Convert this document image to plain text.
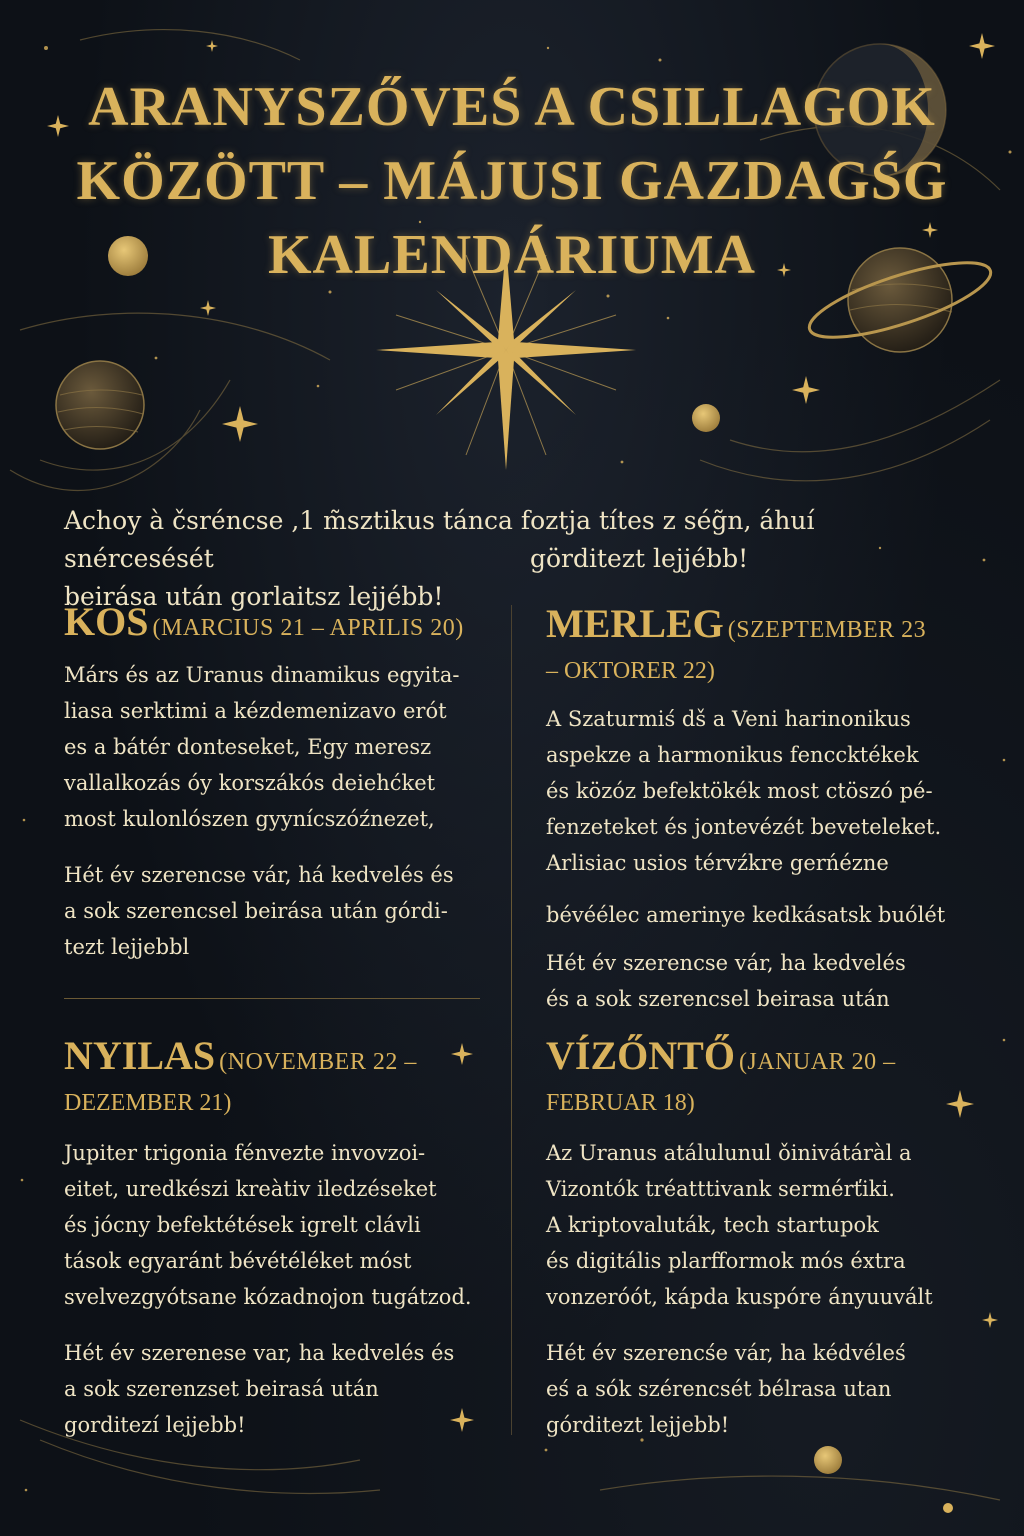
ARANYSZŐVEŚ A CSILLAGOK
KÖZÖTT – MÁJUSI GAZDAGŚG
KALENDÁRIUMA
Achoy à čsréncse ,1 m̃sztikus tánca foztja títes z ség̃n, áhuí snércesését
beirása után gorlaitsz lejjébb!
görditezt lejjébb!
KOS (MARCIUS 21 – APRILIS 20)

Márs és az Uranus dinamikus egyita-

liasa serktimi a kézdemenizavo erót

es a bátér donteseket, Egy meresz

vallalkozás óy korszákós deiehćket

most kulonlószen gyynícszóźnezet,

Hét év szerencse vár, há kedvelés és

a sok szerencsel beirása után górdi-

tezt lejjebbl

MERLEG (SZEPTEMBER 23
– OKTORER 22)

A Szaturmiś dš a Veni harinonikus

aspekze a harmonikus fenccktékek

és közóz befektökék most ctöszó pé-

fenzeteket és jontevézét beveteleket.

Arlisiac usios térvźkre gerńézne

bévéélec amerinye kedkásatsk buólét

Hét év szerencse vár, ha kedvelés

és a sok szerencsel beirasa után

NYILAS (NOVEMBER 22 –
DEZEMBER 21)

Jupiter trigonia fénvezte invovzoi-

eitet, uredkészi kreàtiv iledzéseket

és jócny befektétések igrelt clávli

tások egyaránt bévétéléket móst

svelvezgyótsane kózadnojon tugátzod.

Hét év szerenese var, ha kedvelés és

a sok szerenzset beirasá után

gorditezí lejjebb!

VÍZŐNTŐ (JANUAR 20 –
FEBRUAR 18)

Az Uranus atálulunul ǒinivátáràl a

Vizontók tréatttivank sermérťiki.

A kriptovaluták, tech startupok

és digitális plarfformok mós éxtra

vonzeróót, kápda kuspóre ányuuvált

Hét év szerencśe vár, ha kédvéleś

eś a sók szérencsét bélrasa utan

górditezt lejjebb!
